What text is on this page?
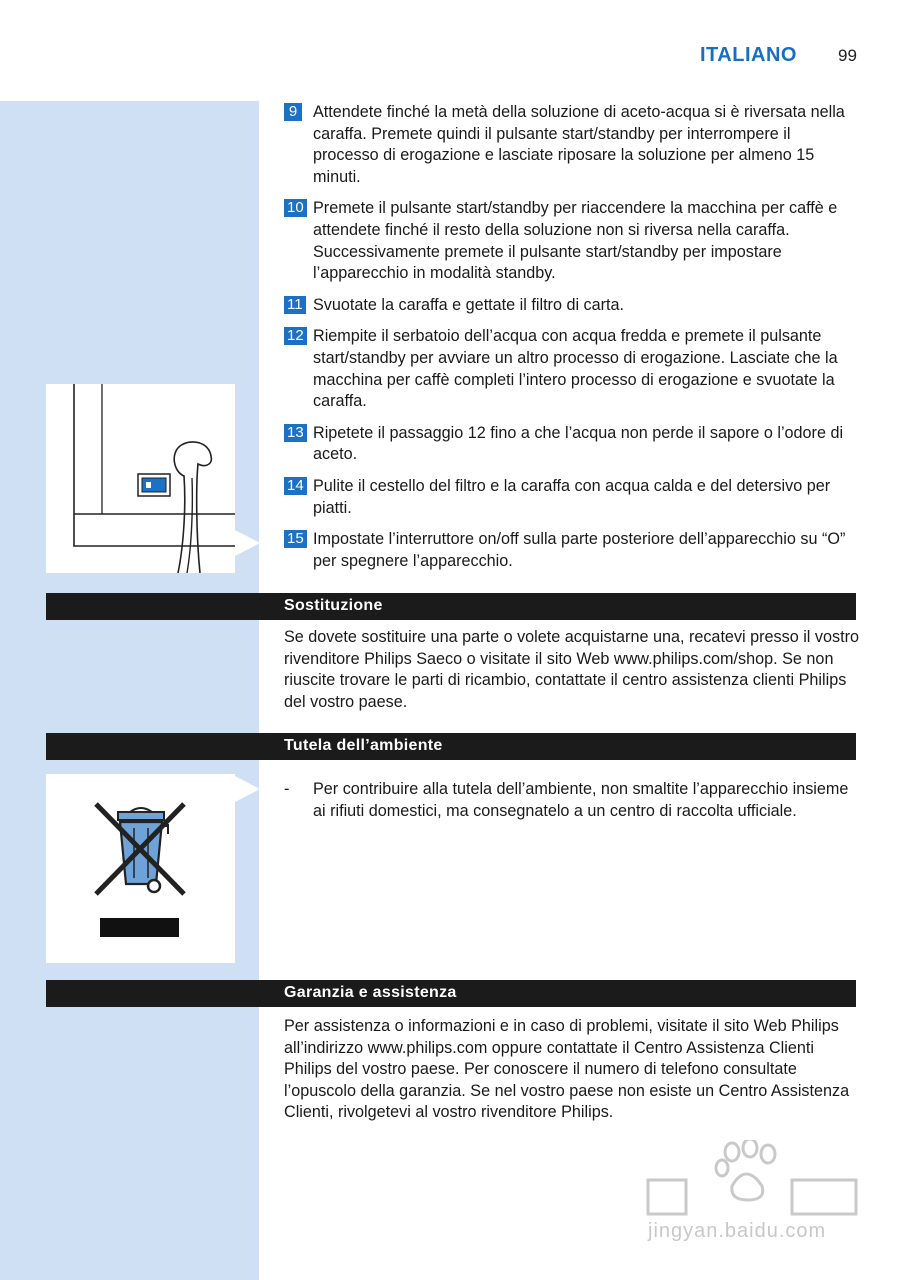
ITALIANO 99
9 Attendete finché la metà della soluzione di aceto-acqua si è riversata nella caraffa. Premete quindi il pulsante start/standby per interrompere il processo di erogazione e lasciate riposare la soluzione per almeno 15 minuti.
10 Premete il pulsante start/standby per riaccendere la macchina per caffè e attendete finché il resto della soluzione non si riversa nella caraffa. Successivamente premete il pulsante start/standby per impostare l’apparecchio in modalità standby.
11 Svuotate la caraffa e gettate il filtro di carta.
12 Riempite il serbatoio dell’acqua con acqua fredda e premete il pulsante start/standby per avviare un altro processo di erogazione. Lasciate che la macchina per caffè completi l’intero processo di erogazione e svuotate la caraffa.
13 Ripetete il passaggio 12 fino a che l’acqua non perde il sapore o l’odore di aceto.
14 Pulite il cestello del filtro e la caraffa con acqua calda e del detersivo per piatti.
15 Impostate l’interruttore on/off sulla parte posteriore dell’apparecchio su “O” per spegnere l’apparecchio.
Sostituzione
Se dovete sostituire una parte o volete acquistarne una, recatevi presso il vostro rivenditore Philips Saeco o visitate il sito Web www.philips.com/shop. Se non riuscite trovare le parti di ricambio, contattate il centro assistenza clienti Philips del vostro paese.
Tutela dell’ambiente
-	Per contribuire alla tutela dell’ambiente, non smaltite l’apparecchio insieme ai rifiuti domestici, ma consegnatelo a un centro di raccolta ufficiale.
Garanzia e assistenza
Per assistenza o informazioni e in caso di problemi, visitate il sito Web Philips all’indirizzo www.philips.com oppure contattate il Centro Assistenza Clienti Philips del vostro paese. Per conoscere il numero di telefono consultate l’opuscolo della garanzia. Se nel vostro paese non esiste un Centro Assistenza Clienti, rivolgetevi al vostro rivenditore Philips.
jingyan.baidu.com
